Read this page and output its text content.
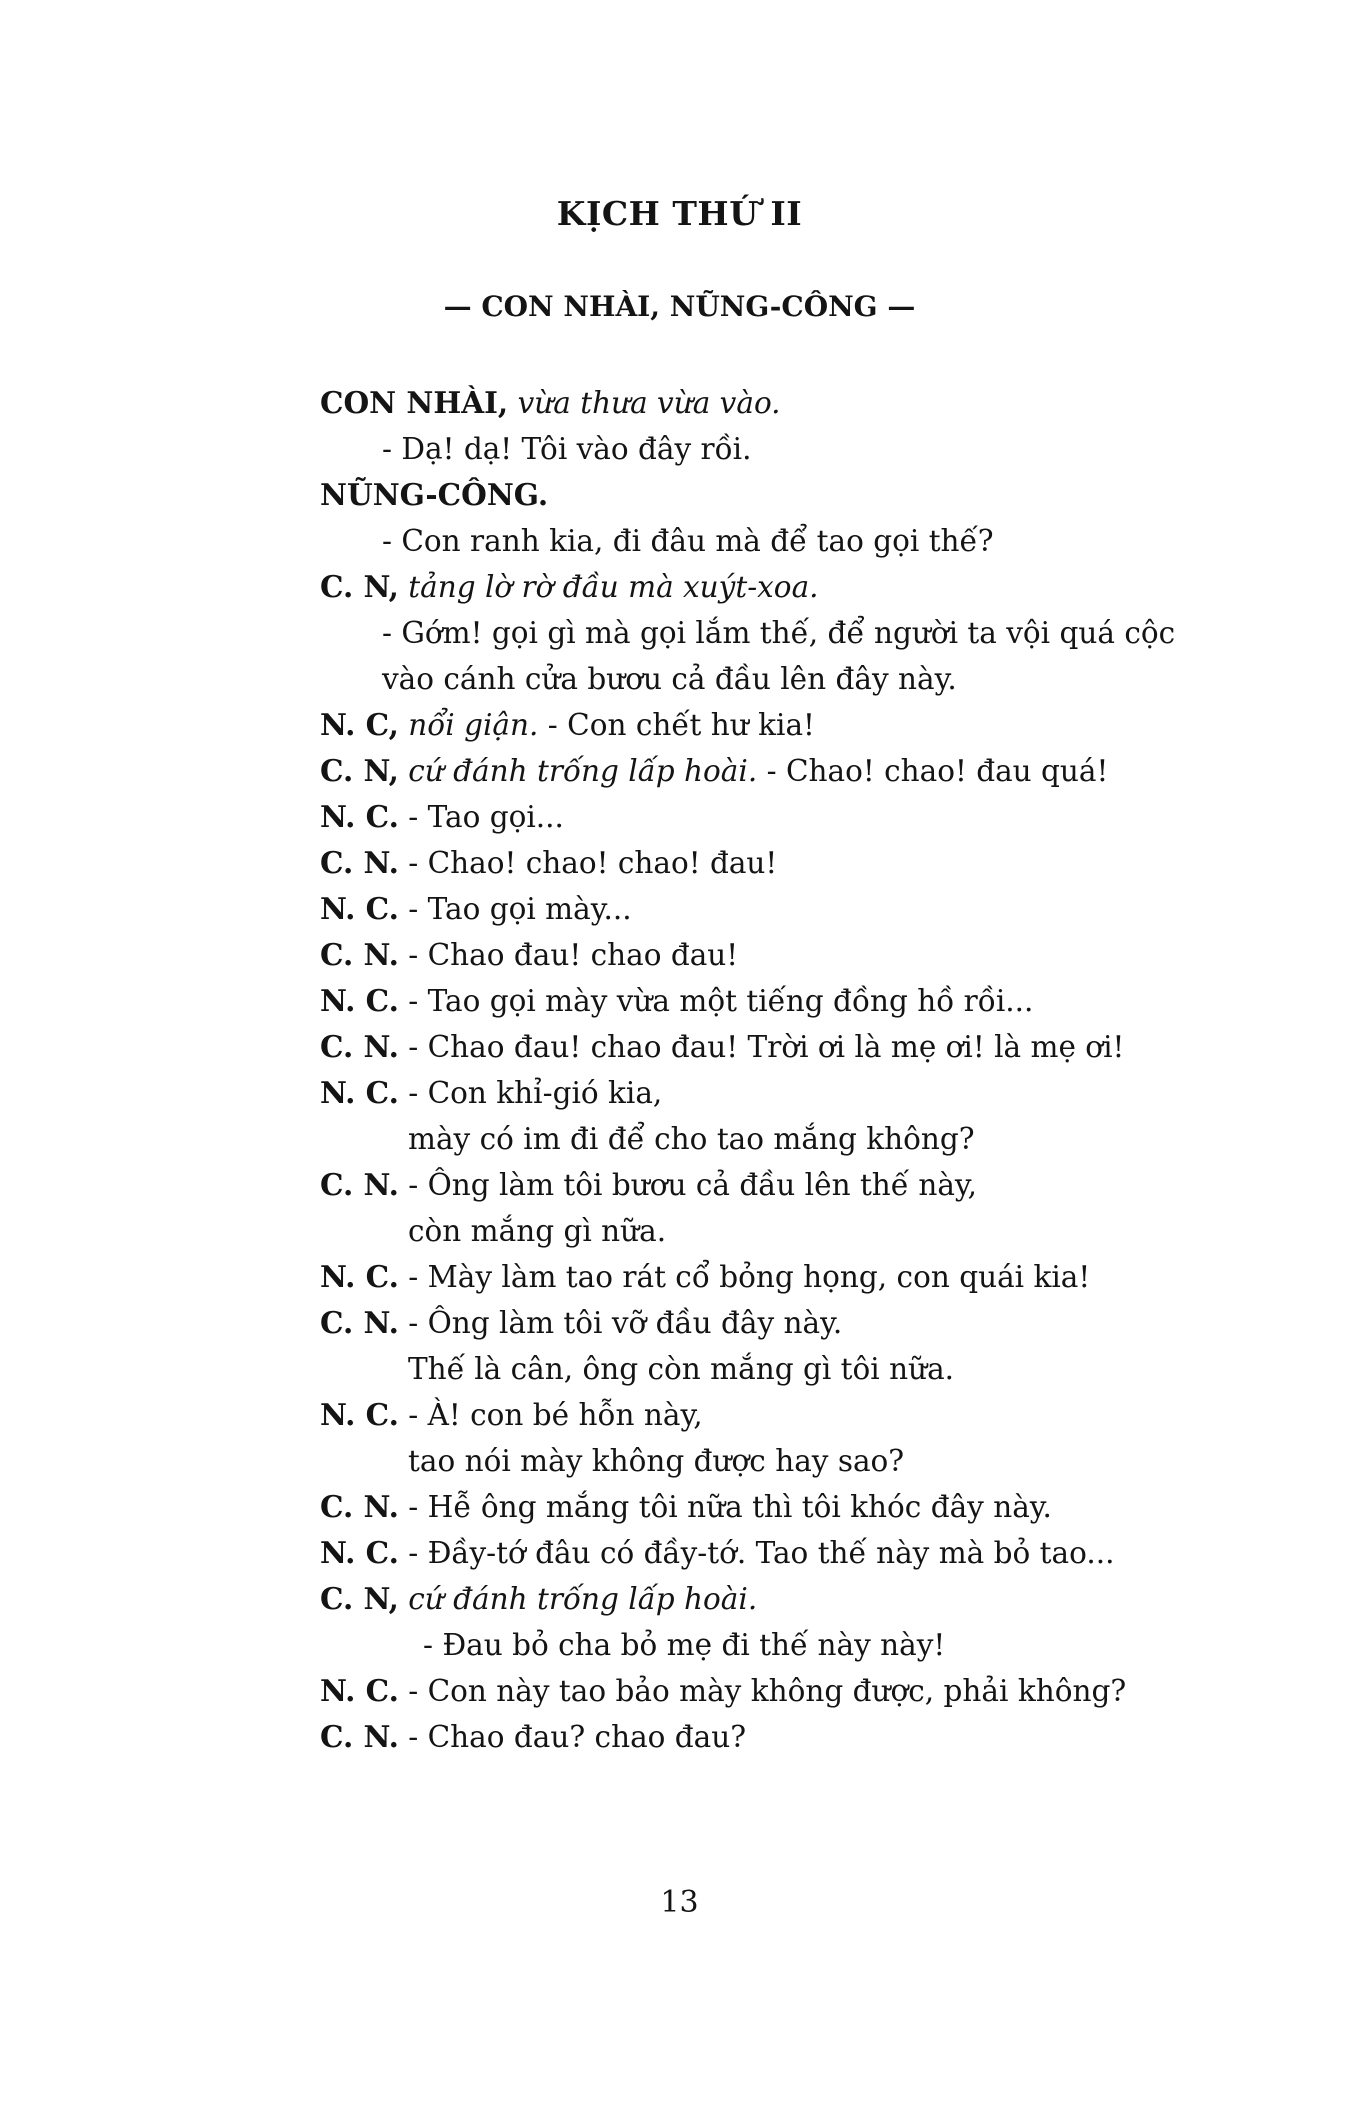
KỊCH THỨ II
— CON NHÀI, NŨNG-CÔNG —
CON NHÀI, vừa thưa vừa vào.
- Dạ! dạ! Tôi vào đây rồi.
NŨNG-CÔNG.
- Con ranh kia, đi đâu mà để tao gọi thế?
C. N, tảng lờ rờ đầu mà xuýt-xoa.
- Gớm! gọi gì mà gọi lắm thế, để người ta vội quá cộc
vào cánh cửa bươu cả đầu lên đây này.
N. C, nổi giận. - Con chết hư kia!
C. N, cứ đánh trống lấp hoài. - Chao! chao! đau quá!
N. C. - Tao gọi...
C. N. - Chao! chao! chao! đau!
N. C. - Tao gọi mày...
C. N. - Chao đau! chao đau!
N. C. - Tao gọi mày vừa một tiếng đồng hồ rồi...
C. N. - Chao đau! chao đau! Trời ơi là mẹ ơi! là mẹ ơi!
N. C. - Con khỉ-gió kia,
mày có im đi để cho tao mắng không?
C. N. - Ông làm tôi bươu cả đầu lên thế này,
còn mắng gì nữa.
N. C. - Mày làm tao rát cổ bỏng họng, con quái kia!
C. N. - Ông làm tôi vỡ đầu đây này.
Thế là cân, ông còn mắng gì tôi nữa.
N. C. - À! con bé hỗn này,
tao nói mày không được hay sao?
C. N. - Hễ ông mắng tôi nữa thì tôi khóc đây này.
N. C. - Đầy-tớ đâu có đầy-tớ. Tao thế này mà bỏ tao...
C. N, cứ đánh trống lấp hoài.
- Đau bỏ cha bỏ mẹ đi thế này này!
N. C. - Con này tao bảo mày không được, phải không?
C. N. - Chao đau? chao đau?
13
